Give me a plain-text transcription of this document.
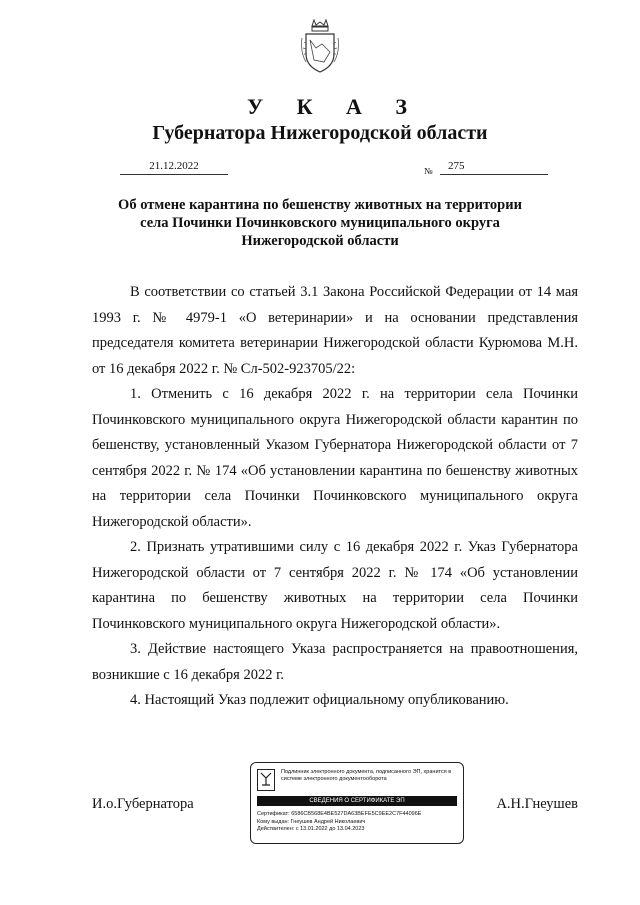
У К А З
Губернатора Нижегородской области
21.12.2022	№	275
Об отмене карантина по бешенству животных на территории
села Починки Починковского муниципального округа
Нижегородской области

В соответствии со статьей 3.1 Закона Российской Федерации от 14 мая 1993 г. № 4979-1 «О ветеринарии» и на основании представления председателя комитета ветеринарии Нижегородской области Курюмова М.Н. от 16 декабря 2022 г. № Сл-502-923705/22:

1. Отменить с 16 декабря 2022 г. на территории села Починки Починковского муниципального округа Нижегородской области карантин по бешенству, установленный Указом Губернатора Нижегородской области от 7 сентября 2022 г. № 174 «Об установлении карантина по бешенству животных на территории села Починки Починковского муниципального округа Нижегородской области».

2. Признать утратившими силу с 16 декабря 2022 г. Указ Губернатора Нижегородской области от 7 сентября 2022 г. № 174 «Об установлении карантина по бешенству животных на территории села Починки Починковского муниципального округа Нижегородской области».

3. Действие настоящего Указа распространяется на правоотношения, возникшие с 16 декабря 2022 г.

4. Настоящий Указ подлежит официальному опубликованию.

И.о.Губернатора	А.Н.Гнеушев
Подлинник электронного документа, подписанного ЭП, хранится в системе электронного документооборота
СВЕДЕНИЯ О СЕРТИФИКАТЕ ЭП
Сертификат: 6586CB568E4BE527DA63BEFE5C9EE2C7F44096E
Кому выдан: Гнеушев Андрей Николаевич
Действителен: с 13.01.2022 до 13.04.2023
